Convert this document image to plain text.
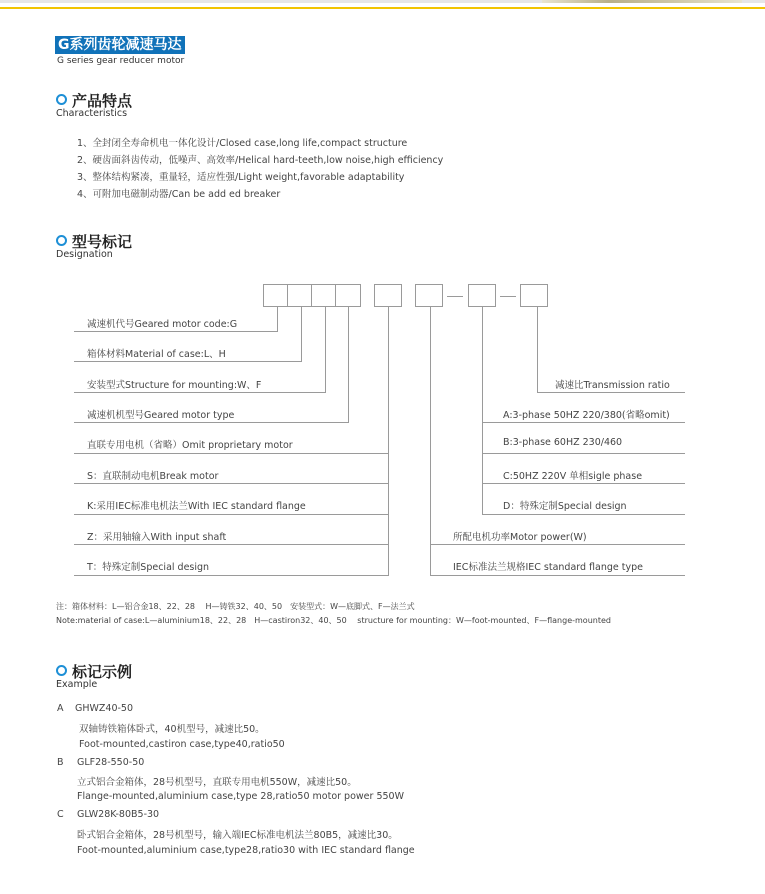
G系列齿轮减速马达
G series gear reducer motor
产品特点
Characteristics
1、全封闭全寿命机电一体化设计/Closed case,long life,compact structure
2、硬齿面斜齿传动，低噪声、高效率/Helical hard-teeth,low noise,high efficiency
3、整体结构紧凑，重量轻，适应性强/Light weight,favorable adaptability
4、可附加电磁制动器/Can be add ed breaker
型号标记
Designation
减速机代号Geared motor code:G
箱体材料Material of case:L、H
安装型式Structure for mounting:W、F
减速机机型号Geared motor type
直联专用电机（省略）Omit proprietary motor
S：直联制动电机Break motor
K:采用IEC标准电机法兰With IEC standard flange
Z：采用轴输入With input shaft
T：特殊定制Special design
减速比Transmission ratio
A:3-phase 50HZ 220/380(省略omit)
B:3-phase 60HZ 230/460
C:50HZ 220V 单相sigle phase
D：特殊定制Special design
所配电机功率Motor power(W)
IEC标准法兰规格IEC standard flange type
注：箱体材料：L—铝合金18、22、28　 H—铸铁32、40、50　安装型式：W—底脚式、F—法兰式
Note:material of case:L—aluminium18、22、28　H—castiron32、40、50　 structure for mounting：W—foot-mounted、F—flange-mounted
标记示例
Example
A GHWZ40-50
双轴铸铁箱体卧式，40机型号，减速比50。
Foot-mounted,castiron case,type40,ratio50
B GLF28-550-50
立式铝合金箱体，28号机型号，直联专用电机550W，减速比50。
Flange-mounted,aluminium case,type 28,ratio50 motor power 550W
C GLW28K-80B5-30
卧式铝合金箱体，28号机型号，输入端IEC标准电机法兰80B5，减速比30。
Foot-mounted,aluminium case,type28,ratio30 with IEC standard flange
